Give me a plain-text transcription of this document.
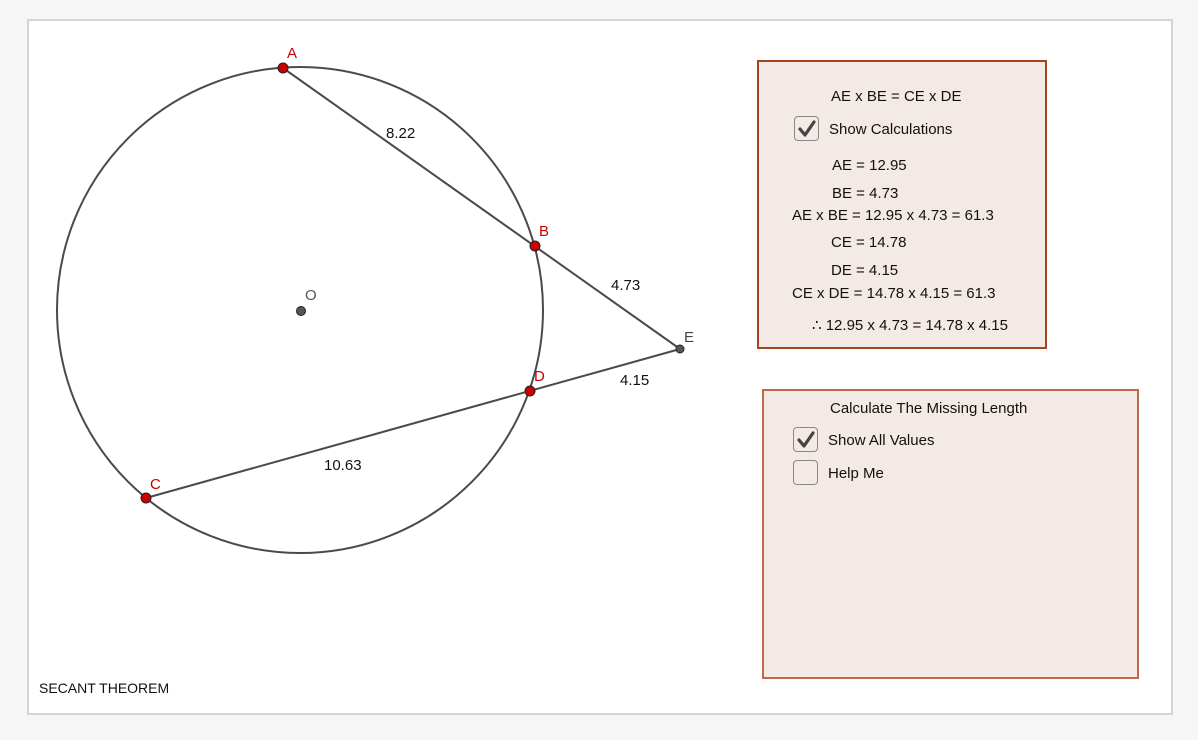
A
B
D
C
E
O
8.22
4.73
4.15
10.63
SECANT THEOREM
AE x BE = CE x DE
Show Calculations
AE = 12.95
BE = 4.73
AE x BE = 12.95 x 4.73 = 61.3
CE = 14.78
DE = 4.15
CE x DE = 14.78 x 4.15 = 61.3
∴ 12.95 x 4.73 = 14.78 x 4.15
Calculate The Missing Length
Show All Values
Help Me
